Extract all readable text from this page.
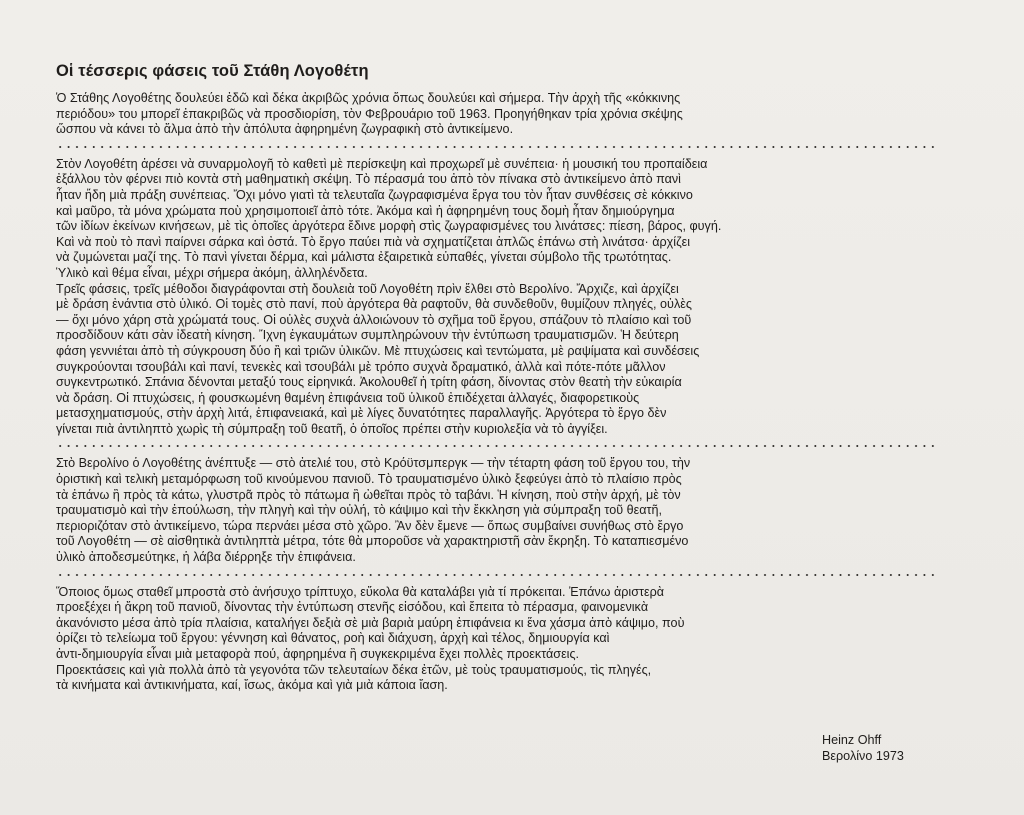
Οἱ τέσσερις φάσεις τοῦ Στάθη Λογοθέτη

Ὁ Στάθης Λογοθέτης δουλεύει ἐδῶ καὶ δέκα ἀκριβῶς χρόνια ὅπως δουλεύει καὶ σήμερα. Τὴν ἀρχὴ τῆς «κόκκινης
περιόδου» του μπορεῖ ἐπακριβῶς νὰ προσδιορίση, τὸν Φεβρουάριο τοῦ 1963. Προηγήθηκαν τρία χρόνια σκέψης
ὥσπου νὰ κάνει τὸ ἅλμα ἀπὸ τὴν ἀπόλυτα ἀφηρημένη ζωγραφικὴ στὸ ἀντικείμενο.

Στὸν Λογοθέτη ἀρέσει νὰ συναρμολογῆ τὸ καθετὶ μὲ περίσκεψη καὶ προχωρεῖ μὲ συνέπεια· ἡ μουσική του προπαίδεια
ἐξάλλου τὸν φέρνει πιὸ κοντὰ στὴ μαθηματικὴ σκέψη. Τὸ πέρασμά του ἀπὸ τὸν πίνακα στὸ ἀντικείμενο ἀπὸ πανὶ
ἦταν ἤδη μιὰ πράξη συνέπειας. Ὄχι μόνο γιατὶ τὰ τελευταῖα ζωγραφισμένα ἔργα του τὸν ἦταν συνθέσεις σὲ κόκκινο
καὶ μαῦρο, τὰ μόνα χρώματα ποὺ χρησιμοποιεῖ ἀπὸ τότε. Ἀκόμα καὶ ἡ ἀφηρημένη τους δομὴ ἦταν δημιούργημα
τῶν ἰδίων ἐκείνων κινήσεων, μὲ τὶς ὁποῖες ἀργότερα ἔδινε μορφὴ στὶς ζωγραφισμένες του λινάτσες: πίεση, βάρος, φυγή.
Καὶ νὰ ποὺ τὸ πανὶ παίρνει σάρκα καὶ ὀστά. Τὸ ἔργο παύει πιὰ νὰ σχηματίζεται ἁπλῶς ἐπάνω στὴ λινάτσα· ἀρχίζει
νὰ ζυμώνεται μαζί της. Τὸ πανὶ γίνεται δέρμα, καὶ μάλιστα ἐξαιρετικὰ εὐπαθές, γίνεται σύμβολο τῆς τρωτότητας.
Ὑλικὸ καὶ θέμα εἶναι, μέχρι σήμερα ἀκόμη, ἀλληλένδετα.
Τρεῖς φάσεις, τρεῖς μέθοδοι διαγράφονται στὴ δουλειὰ τοῦ Λογοθέτη πρὶν ἔλθει στὸ Βερολίνο. Ἄρχιζε, καὶ ἀρχίζει
μὲ δράση ἐνάντια στὸ ὑλικό. Οἱ τομὲς στὸ πανί, ποὺ ἀργότερα θὰ ραφτοῦν, θὰ συνδεθοῦν, θυμίζουν πληγές, οὐλὲς
— ὄχι μόνο χάρη στὰ χρώματά τους. Οἱ οὐλὲς συχνὰ ἀλλοιώνουν τὸ σχῆμα τοῦ ἔργου, σπάζουν τὸ πλαίσιο καὶ τοῦ
προσδίδουν κάτι σὰν ἰδεατὴ κίνηση. Ἴχνη ἐγκαυμάτων συμπληρώνουν τὴν ἐντύπωση τραυματισμῶν. Ἡ δεύτερη
φάση γεννιέται ἀπὸ τὴ σύγκρουση δύο ἢ καὶ τριῶν ὑλικῶν. Μὲ πτυχώσεις καὶ τεντώματα, μὲ ραψίματα καὶ συνδέσεις
συγκρούονται τσουβάλι καὶ πανί, τενεκὲς καὶ τσουβάλι μὲ τρόπο συχνὰ δραματικό, ἀλλὰ καὶ πότε-πότε μᾶλλον
συγκεντρωτικό. Σπάνια δένονται μεταξύ τους εἰρηνικά. Ἀκολουθεῖ ἡ τρίτη φάση, δίνοντας στὸν θεατὴ τὴν εὐκαιρία
νὰ δράση. Οἱ πτυχώσεις, ἡ φουσκωμένη θαμένη ἐπιφάνεια τοῦ ὑλικοῦ ἐπιδέχεται ἀλλαγές, διαφορετικοὺς
μετασχηματισμούς, στὴν ἀρχὴ λιτά, ἐπιφανειακά, καὶ μὲ λίγες δυνατότητες παραλλαγῆς. Ἀργότερα τὸ ἔργο δὲν
γίνεται πιὰ ἀντιληπτὸ χωρὶς τὴ σύμπραξη τοῦ θεατῆ, ὁ ὁποῖος πρέπει στὴν κυριολεξία νὰ τὸ ἀγγίξει.

Στὸ Βερολίνο ὁ Λογοθέτης ἀνέπτυξε — στὸ ἀτελιέ του, στὸ Κρόϋτσμπεργκ — τὴν τέταρτη φάση τοῦ ἔργου του, τὴν
ὁριστικὴ καὶ τελικὴ μεταμόρφωση τοῦ κινούμενου πανιοῦ. Τὸ τραυματισμένο ὑλικὸ ξεφεύγει ἀπὸ τὸ πλαίσιο πρὸς
τὰ ἐπάνω ἢ πρὸς τὰ κάτω, γλυστρᾶ πρὸς τὸ πάτωμα ἢ ὠθεῖται πρὸς τὸ ταβάνι. Ἡ κίνηση, ποὺ στὴν ἀρχή, μὲ τὸν
τραυματισμὸ καὶ τὴν ἐπούλωση, τὴν πληγὴ καὶ τὴν οὐλή, τὸ κάψιμο καὶ τὴν ἔκκληση γιὰ σύμπραξη τοῦ θεατῆ,
περιοριζόταν στὸ ἀντικείμενο, τώρα περνάει μέσα στὸ χῶρο. Ἂν δὲν ἔμενε — ὅπως συμβαίνει συνήθως στὸ ἔργο
τοῦ Λογοθέτη — σὲ αἰσθητικὰ ἀντιληπτὰ μέτρα, τότε θὰ μποροῦσε νὰ χαρακτηριστῆ σὰν ἔκρηξη. Τὸ καταπιεσμένο
ὑλικὸ ἀποδεσμεύτηκε, ἡ λάβα διέρρηξε τὴν ἐπιφάνεια.

Ὅποιος ὅμως σταθεῖ μπροστὰ στὸ ἀνήσυχο τρίπτυχο, εὔκολα θὰ καταλάβει γιὰ τί πρόκειται. Ἐπάνω ἀριστερὰ
προεξέχει ἡ ἄκρη τοῦ πανιοῦ, δίνοντας τὴν ἐντύπωση στενῆς εἰσόδου, καὶ ἔπειτα τὸ πέρασμα, φαινομενικὰ
ἀκανόνιστο μέσα ἀπὸ τρία πλαίσια, καταλήγει δεξιὰ σὲ μιὰ βαριὰ μαύρη ἐπιφάνεια κι ἕνα χάσμα ἀπὸ κάψιμο, ποὺ
ὁρίζει τὸ τελείωμα τοῦ ἔργου: γέννηση καὶ θάνατος, ροὴ καὶ διάχυση, ἀρχὴ καὶ τέλος, δημιουργία καὶ
ἀντι-δημιουργία εἶναι μιὰ μεταφορὰ πού, ἀφηρημένα ἢ συγκεκριμένα ἔχει πολλὲς προεκτάσεις.
Προεκτάσεις καὶ γιὰ πολλὰ ἀπὸ τὰ γεγονότα τῶν τελευταίων δέκα ἐτῶν, μὲ τοὺς τραυματισμούς, τὶς πληγές,
τὰ κινήματα καὶ ἀντικινήματα, καί, ἴσως, ἀκόμα καὶ γιὰ μιὰ κάποια ἴαση.

Heinz Ohff
Βερολίνο 1973
